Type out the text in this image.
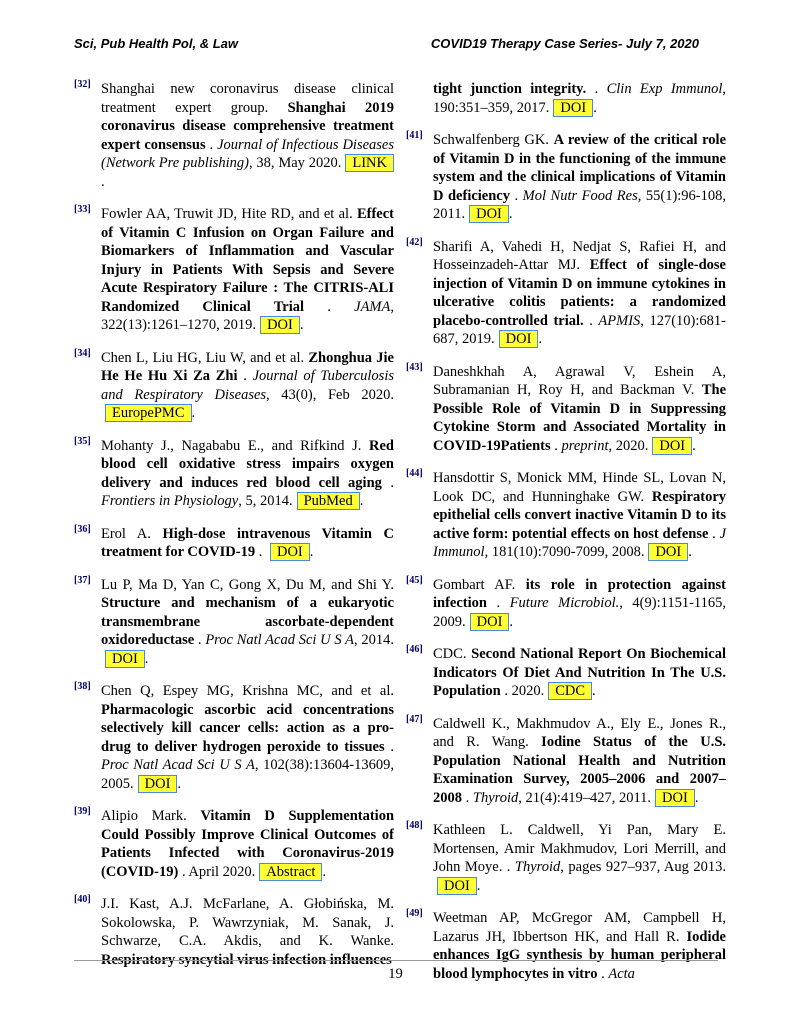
Sci, Pub Health Pol, & Law	COVID19 Therapy Case Series- July 7, 2020
[32] Shanghai new coronavirus disease clinical treatment expert group. Shanghai 2019 coronavirus disease comprehensive treatment expert consensus . Journal of Infectious Diseases (Network Pre publishing), 38, May 2020. LINK.
[33] Fowler AA, Truwit JD, Hite RD, and et al. Effect of Vitamin C Infusion on Organ Failure and Biomarkers of Inflammation and Vascular Injury in Patients With Sepsis and Severe Acute Respiratory Failure : The CITRIS-ALI Randomized Clinical Trial . JAMA, 322(13):1261–1270, 2019. DOI .
[34] Chen L, Liu HG, Liu W, and et al. Zhonghua Jie He He Hu Xi Za Zhi . Journal of Tuberculosis and Respiratory Diseases, 43(0), Feb 2020.EuropePMC .
[35] Mohanty J., Nagababu E., and Rifkind J. Red blood cell oxidative stress impairs oxygen delivery and induces red blood cell aging . Frontiers in Physiology, 5, 2014. PubMed .
[36] Erol A. High-dose intravenous Vitamin C treatment for COVID-19 . DOI .
[37] Lu P, Ma D, Yan C, Gong X, Du M, and Shi Y. Structure and mechanism of a eukaryotic transmembrane ascorbate-dependent oxidoreductase . Proc Natl Acad Sci U S A, 2014.DOI .
[38] Chen Q, Espey MG, Krishna MC, and et al. Pharmacologic ascorbic acid concentrations selectively kill cancer cells: action as a pro-drug to deliver hydrogen peroxide to tissues . Proc Natl Acad Sci U S A, 102(38):13604-13609, 2005. DOI .
[39] Alipio Mark. Vitamin D Supplementation Could Possibly Improve Clinical Outcomes of Patients Infected with Coronavirus-2019 (COVID-19) . April 2020. Abstract .
[40] J.I. Kast, A.J. McFarlane, A. Głobińska, M. Sokolowska, P. Wawrzyniak, M. Sanak, J. Schwarze, C.A. Akdis, and K. Wanke. Respiratory syncytial virus infection influences
tight junction integrity. . Clin Exp Immunol, 190:351–359, 2017. DOI .
[41] Schwalfenberg GK. A review of the critical role of Vitamin D in the functioning of the immune system and the clinical implications of Vitamin D deficiency . Mol Nutr Food Res, 55(1):96-108, 2011. DOI .
[42] Sharifi A, Vahedi H, Nedjat S, Rafiei H, and Hosseinzadeh-Attar MJ. Effect of single-dose injection of Vitamin D on immune cytokines in ulcerative colitis patients: a randomized placebo-controlled trial. . APMIS, 127(10):681-687, 2019. DOI .
[43] Daneshkhah A, Agrawal V, Eshein A, Subramanian H, Roy H, and Backman V. The Possible Role of Vitamin D in Suppressing Cytokine Storm and Associated Mortality in COVID-19Patients . preprint, 2020. DOI .
[44] Hansdottir S, Monick MM, Hinde SL, Lovan N, Look DC, and Hunninghake GW. Respiratory epithelial cells convert inactive Vitamin D to its active form: potential effects on host defense . J Immunol, 181(10):7090-7099, 2008. DOI .
[45] Gombart AF. its role in protection against infection . Future Microbiol., 4(9):1151-1165, 2009. DOI .
[46] CDC. Second National Report On Biochemical Indicators Of Diet And Nutrition In The U.S. Population . 2020. CDC .
[47] Caldwell K., Makhmudov A., Ely E., Jones R., and R. Wang. Iodine Status of the U.S. Population National Health and Nutrition Examination Survey, 2005–2006 and 2007–2008 . Thyroid, 21(4):419–427, 2011. DOI .
[48] Kathleen L. Caldwell, Yi Pan, Mary E. Mortensen, Amir Makhmudov, Lori Merrill, and John Moye. . Thyroid, pages 927–937, Aug 2013.DOI .
[49] Weetman AP, McGregor AM, Campbell H, Lazarus JH, Ibbertson HK, and Hall R. Iodide enhances IgG synthesis by human peripheral blood lymphocytes in vitro . Acta
19
